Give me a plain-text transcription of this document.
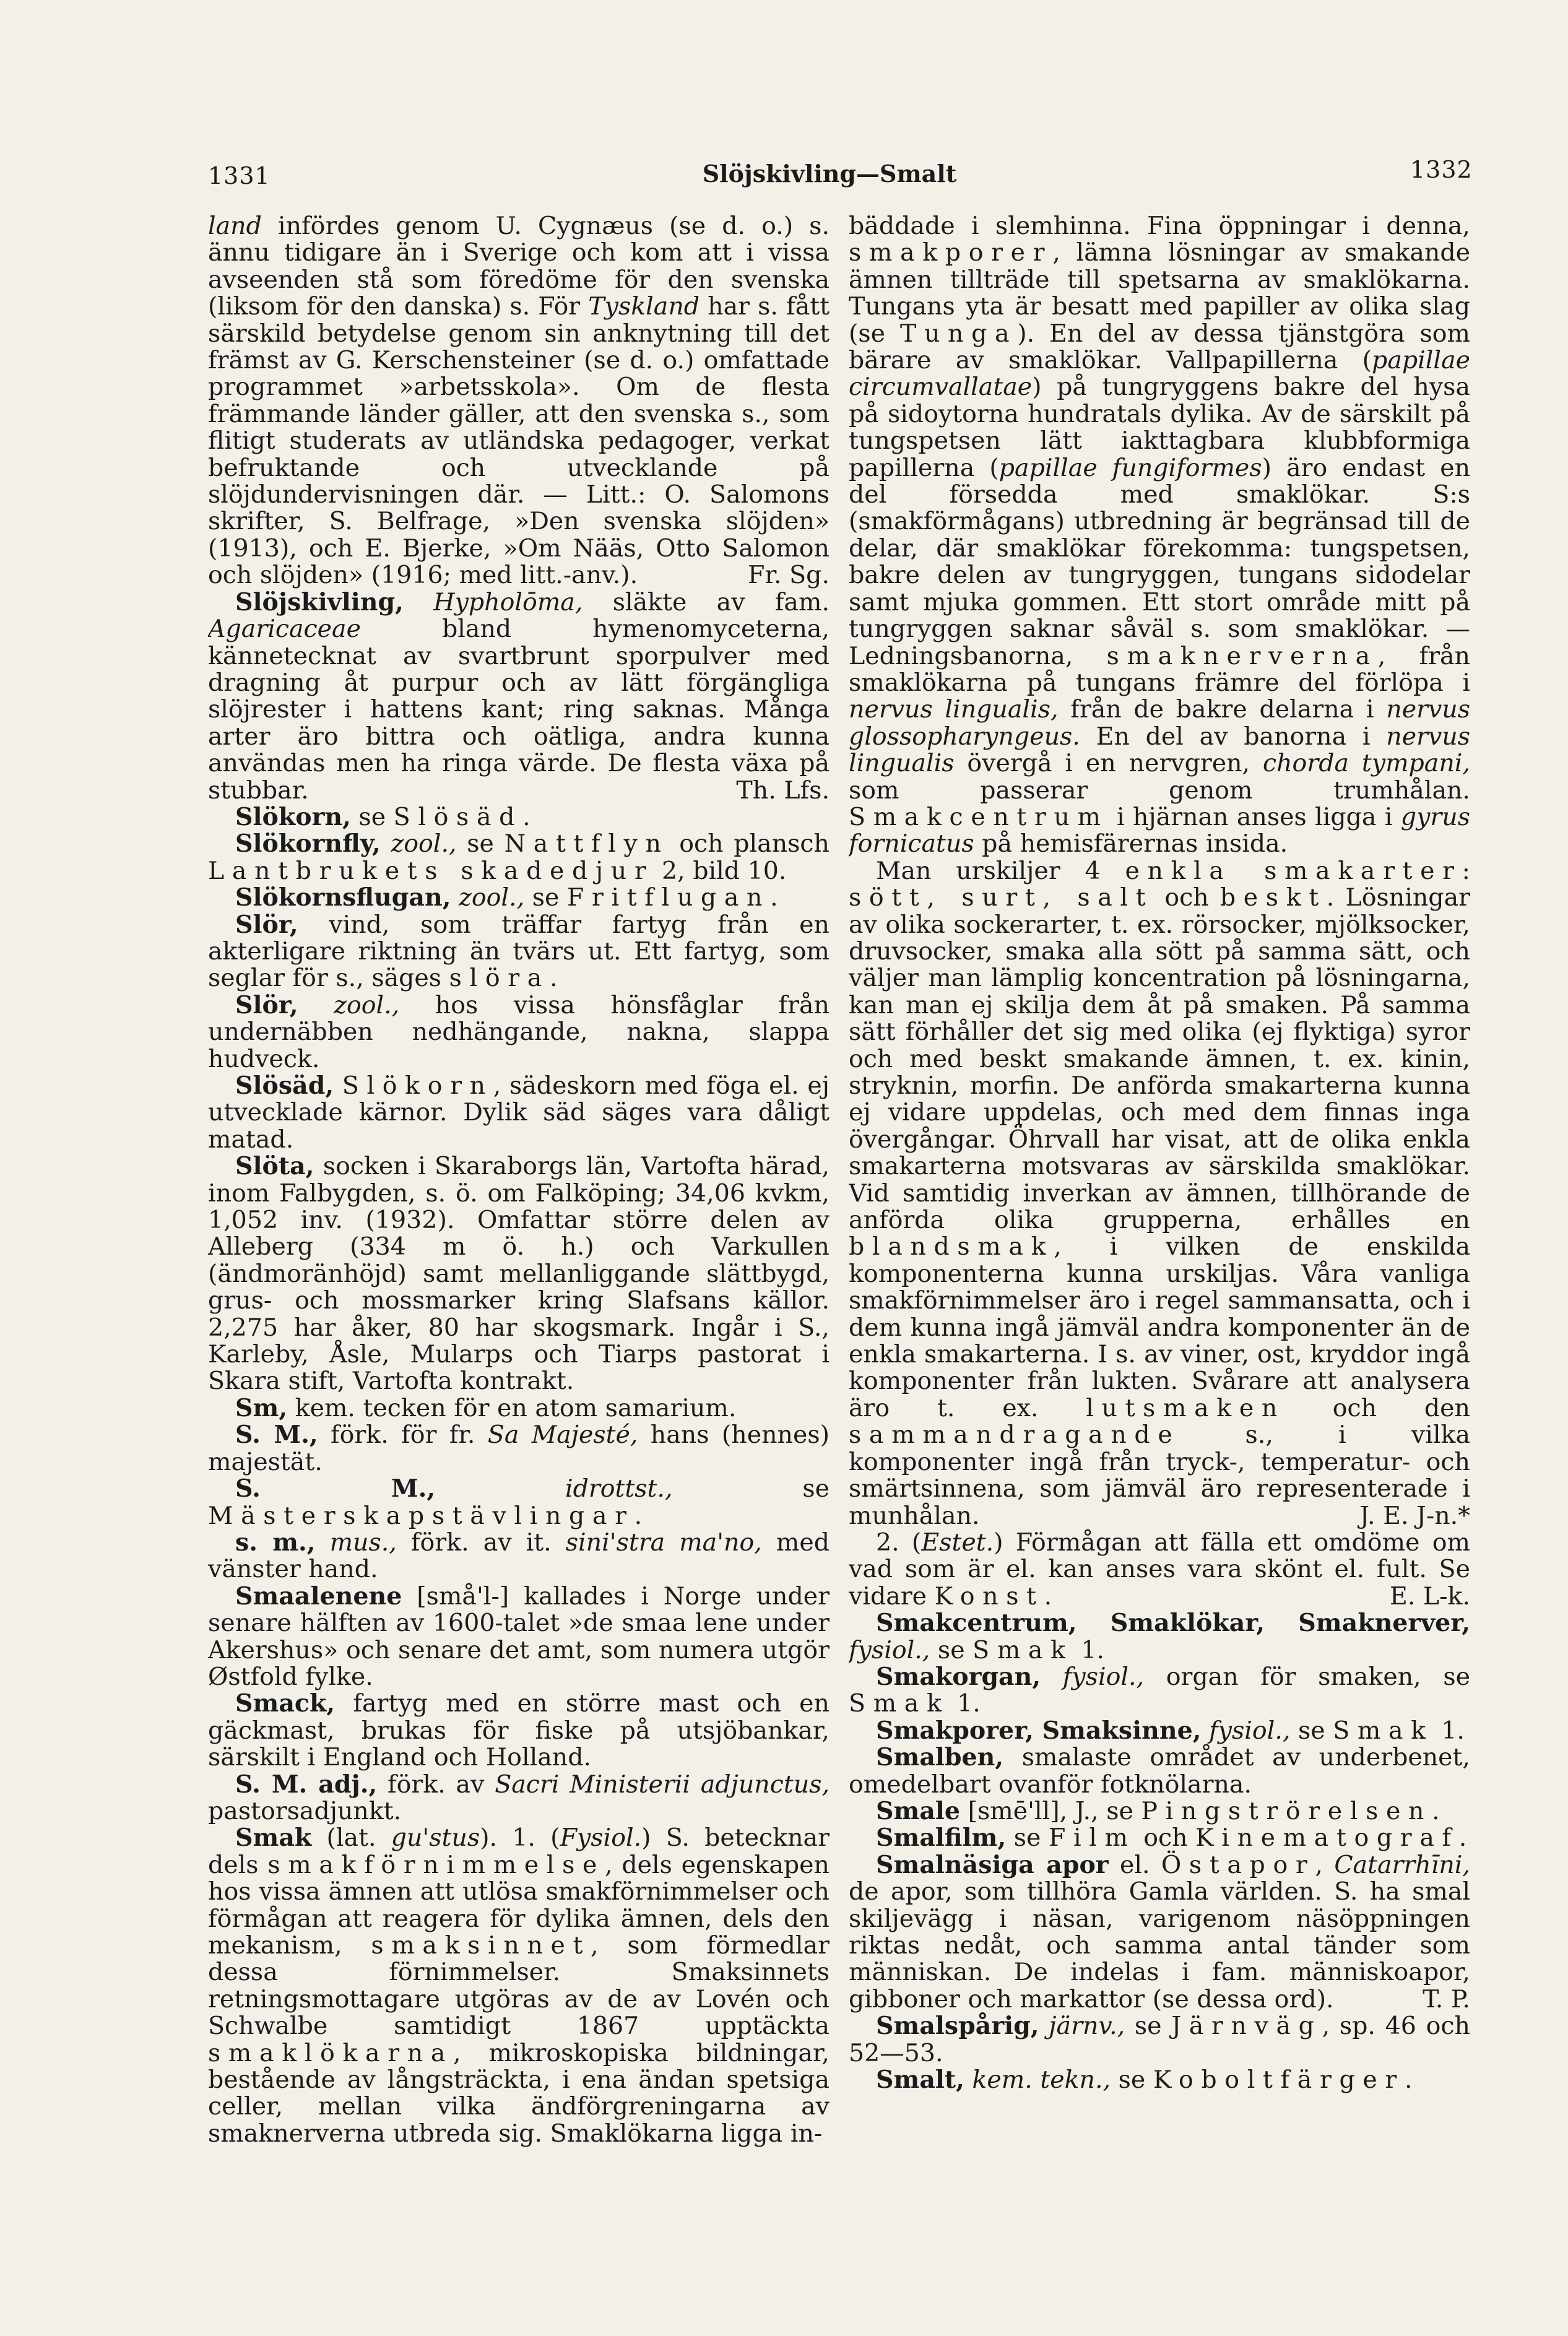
1331	Slöjskivling—Smalt	1332

land infördes genom U. Cygnæus (se d. o.) s. ännu tidigare än i Sverige och kom att i vissa avseenden stå som föredöme för den svenska (liksom för den danska) s. För Tyskland har s. fått särskild betydelse genom sin anknytning till det främst av G. Kerschensteiner (se d. o.) omfattade programmet »arbetsskola». Om de flesta främmande länder gäller, att den svenska s., som flitigt studerats av utländska pedagoger, verkat befruktande och utvecklande på slöjdundervisningen där. — Litt.: O. Salomons skrifter, S. Belfrage, »Den svenska slöjden» (1913), och E. Bjerke, »Om Nääs, Otto Salomon och slöjden» (1916; med litt.-anv.).	Fr. Sg.

Slöjskivling, Hypholōma, släkte av fam. Agaricaceae bland hymenomyceterna, kännetecknat av svartbrunt sporpulver med dragning åt purpur och av lätt förgängliga slöjrester i hattens kant; ring saknas. Många arter äro bittra och oätliga, andra kunna användas men ha ringa värde. De flesta växa på stubbar.	Th. Lfs.

Slökorn, se Slösäd.

Slökornfly, zool., se Nattflyn och plansch Lantbrukets skadedjur 2, bild 10.

Slökornsflugan, zool., se Fritflugan.

Slör, vind, som träffar fartyg från en akterligare riktning än tvärs ut. Ett fartyg, som seglar för s., säges slöra.

Slör, zool., hos vissa hönsfåglar från undernäbben nedhängande, nakna, slappa hudveck.

Slösäd, Slökorn, sädeskorn med föga el. ej utvecklade kärnor. Dylik säd säges vara dåligt matad.

Slöta, socken i Skaraborgs län, Vartofta härad, inom Falbygden, s. ö. om Falköping; 34,06 kvkm, 1,052 inv. (1932). Omfattar större delen av Alleberg (334 m ö. h.) och Varkullen (ändmoränhöjd) samt mellanliggande slättbygd, grus- och mossmarker kring Slafsans källor. 2,275 har åker, 80 har skogsmark. Ingår i S., Karleby, Åsle, Mularps och Tiarps pastorat i Skara stift, Vartofta kontrakt.

Sm, kem. tecken för en atom samarium.

S. M., förk. för fr. Sa Majesté, hans (hennes) majestät.

S. M.,	idrottst., se Mästerskapstävlingar.

s. m., mus., förk. av it. sini'stra ma'no, med vänster hand.

Smaalenene [små'l-] kallades i Norge under senare hälften av 1600-talet »de smaa lene under Akershus» och senare det amt, som numera utgör Østfold fylke.

Smack, fartyg med en större mast och en gäckmast, brukas för fiske på utsjöbankar, särskilt i England och Holland.

S. M. adj., förk. av Sacri Ministerii adjunctus, pastorsadjunkt.

Smak (lat. gu'stus). 1. (Fysiol.) S. betecknar dels smakförnimmelse, dels egenskapen hos vissa ämnen att utlösa smakförnimmelser och förmågan att reagera för dylika ämnen, dels den mekanism, smaksinnet, som förmedlar dessa förnimmelser. Smaksinnets retningsmottagare utgöras av de av Lovén och Schwalbe samtidigt 1867 upptäckta smaklökarna, mikroskopiska bildningar, bestående av långsträckta, i ena ändan spetsiga celler, mellan vilka ändförgreningarna av smaknerverna utbreda sig. Smaklökarna ligga in-

bäddade i slemhinna. Fina öppningar i denna, smakporer, lämna lösningar av smakande ämnen tillträde till spetsarna av smaklökarna. Tungans yta är besatt med papiller av olika slag (se Tunga). En del av dessa tjänstgöra som bärare av smaklökar. Vallpapillerna (papillae circumvallatae) på tungryggens bakre del hysa på sidoytorna hundratals dylika. Av de särskilt på tungspetsen lätt iakttagbara klubbformiga papillerna (papillae fungiformes) äro endast en del försedda med smaklökar. S:s (smakförmågans) utbredning är begränsad till de delar, där smaklökar förekomma: tungspetsen, bakre delen av tungryggen, tungans sidodelar samt mjuka gommen. Ett stort område mitt på tungryggen saknar såväl s. som smaklökar. — Ledningsbanorna, smaknerverna, från smaklökarna på tungans främre del förlöpa i nervus lingualis, från de bakre delarna i nervus glossopharyngeus. En del av banorna i nervus lingualis övergå i en nervgren, chorda tympani, som passerar genom trumhålan. Smakcentrum i hjärnan anses ligga i gyrus fornicatus på hemisfärernas insida.

Man urskiljer 4 enkla smakarter: sött, surt, salt och beskt. Lösningar av olika sockerarter, t. ex. rörsocker, mjölksocker, druvsocker, smaka alla sött på samma sätt, och väljer man lämplig koncentration på lösningarna, kan man ej skilja dem åt på smaken. På samma sätt förhåller det sig med olika (ej flyktiga) syror och med beskt smakande ämnen, t. ex. kinin, stryknin, morfin. De anförda smakarterna kunna ej vidare uppdelas, och med dem finnas inga övergångar. Öhrvall har visat, att de olika enkla smakarterna motsvaras av särskilda smaklökar. Vid samtidig inverkan av ämnen, tillhörande de anförda olika grupperna, erhålles en blandsmak, i vilken de enskilda komponenterna kunna urskiljas. Våra vanliga smakförnimmelser äro i regel sammansatta, och i dem kunna ingå jämväl andra komponenter än de enkla smakarterna. I s. av viner, ost, kryddor ingå komponenter från lukten. Svårare att analysera äro t. ex. lutsmaken och den sammandragande s., i vilka komponenter ingå från tryck-, temperatur- och smärtsinnena, som jämväl äro representerade i munhålan.	J. E. J-n.*

2. (Estet.) Förmågan att fälla ett omdöme om vad som är el. kan anses vara skönt el. fult. Se vidare Konst.	E. L-k.

Smakcentrum, Smaklökar, Smaknerver, fysiol., se Smak 1.

Smakorgan, fysiol., organ för smaken, se Smak 1.

Smakporer, Smaksinne, fysiol., se Smak 1.

Smalben, smalaste området av underbenet, omedelbart ovanför fotknölarna.

Smale [smē'll], J., se Pingströrelsen.

Smalfilm, se Film och Kinematograf.

Smalnäsiga apor el. Östapor, Catarrhīni, de apor, som tillhöra Gamla världen. S. ha smal skiljevägg i näsan, varigenom näsöppningen riktas nedåt, och samma antal tänder som människan. De indelas i fam. människoapor, gibboner och markattor (se dessa ord).	T. P.

Smalspårig, järnv., se Järnväg, sp. 46 och 52—53.

Smalt, kem. tekn., se Koboltfärger.
